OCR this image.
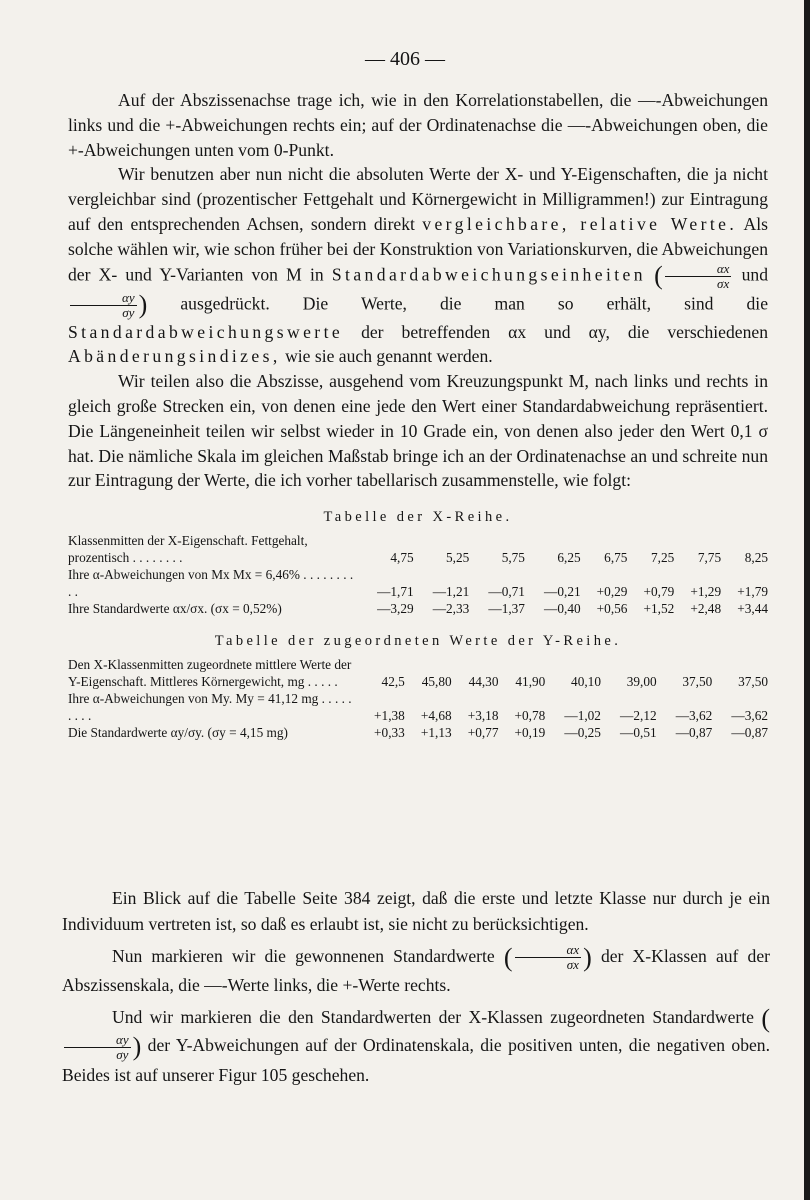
— 406 —

Auf der Abszissenachse trage ich, wie in den Korrelationstabellen, die —-Abweichungen links und die +-Abweichungen rechts ein; auf der Ordinatenachse die —-Abweichungen oben, die +-Abweichungen unten vom 0-Punkt.

Wir benutzen aber nun nicht die absoluten Werte der X- und Y-Eigenschaften, die ja nicht vergleichbar sind (prozentischer Fettgehalt und Körnergewicht in Milligrammen!) zur Eintragung auf den entsprechenden Achsen, sondern direkt vergleichbare, relative Werte. Als solche wählen wir, wie schon früher bei der Konstruktion von Variationskurven, die Abweichungen der X- und Y-Varianten von M in Standardabweichungseinheiten ( $\frac{\alpha x}{\sigma x}$ und
$\frac{\alpha y}{\sigma y}$ ) ausgedrückt. Die Werte, die man so erhält, sind die Standardabweichungswerte der betreffenden αx und αy, die verschiedenen Abänderungsindizes, wie sie auch genannt werden.

Wir teilen also die Abszisse, ausgehend vom Kreuzungspunkt M, nach links und rechts in gleich große Strecken ein, von denen eine jede den Wert einer Standardabweichung repräsentiert. Die Längeneinheit teilen wir selbst wieder in 10 Grade ein, von denen also jeder den Wert 0,1 σ hat. Die nämliche Skala im gleichen Maßstab bringe ich an der Ordinatenachse an und schreite nun zur Eintragung der Werte, die ich vorher tabellarisch zusammenstelle, wie folgt:

Tabelle der X-Reihe.
Klassenmitten der X-Eigenschaft. Fettgehalt, prozentisch . . . . . . . .	4,75	5,25	5,75	6,25	6,75	7,25	7,75	8,25
Ihre α-Abweichungen von Mx Mx = 6,46% . . . . . . . . . .	—1,71	—1,21	—0,71	—0,21	+0,29	+0,79	+1,29	+1,79
Ihre Standardwerte αx/σx. (σx = 0,52%)	—3,29	—2,33	—1,37	—0,40	+0,56	+1,52	+2,48	+3,44
Tabelle der zugeordneten Werte der Y-Reihe.
Den X-Klassenmitten zugeordnete mittlere Werte der Y-Eigenschaft. Mittleres Körnergewicht, mg . . . . .	42,5	45,80	44,30	41,90	40,10	39,00	37,50	37,50
Ihre α-Abweichungen von My. My = 41,12 mg . . . . . . . . .	+1,38	+4,68	+3,18	+0,78	—1,02	—2,12	—3,62	—3,62
Die Standardwerte αy/σy. (σy = 4,15 mg)	+0,33	+1,13	+0,77	+0,19	—0,25	—0,51	—0,87	—0,87

Ein Blick auf die Tabelle Seite 384 zeigt, daß die erste und letzte Klasse nur durch je ein Individuum vertreten ist, so daß es erlaubt ist, sie nicht zu berücksichtigen.

Nun markieren wir die gewonnenen Standardwerte ( $\frac{\alpha x}{\sigma x}$ ) der X-Klassen auf der Abszissenskala, die —-Werte links, die +-Werte rechts.

Und wir markieren die den Standardwerten der X-Klassen zugeordneten Standardwerte (
$\frac{\alpha y}{\sigma y}$ ) der Y-Abweichungen auf der Ordinatenskala, die positiven unten, die negativen oben. Beides ist auf unserer Figur 105 geschehen.
